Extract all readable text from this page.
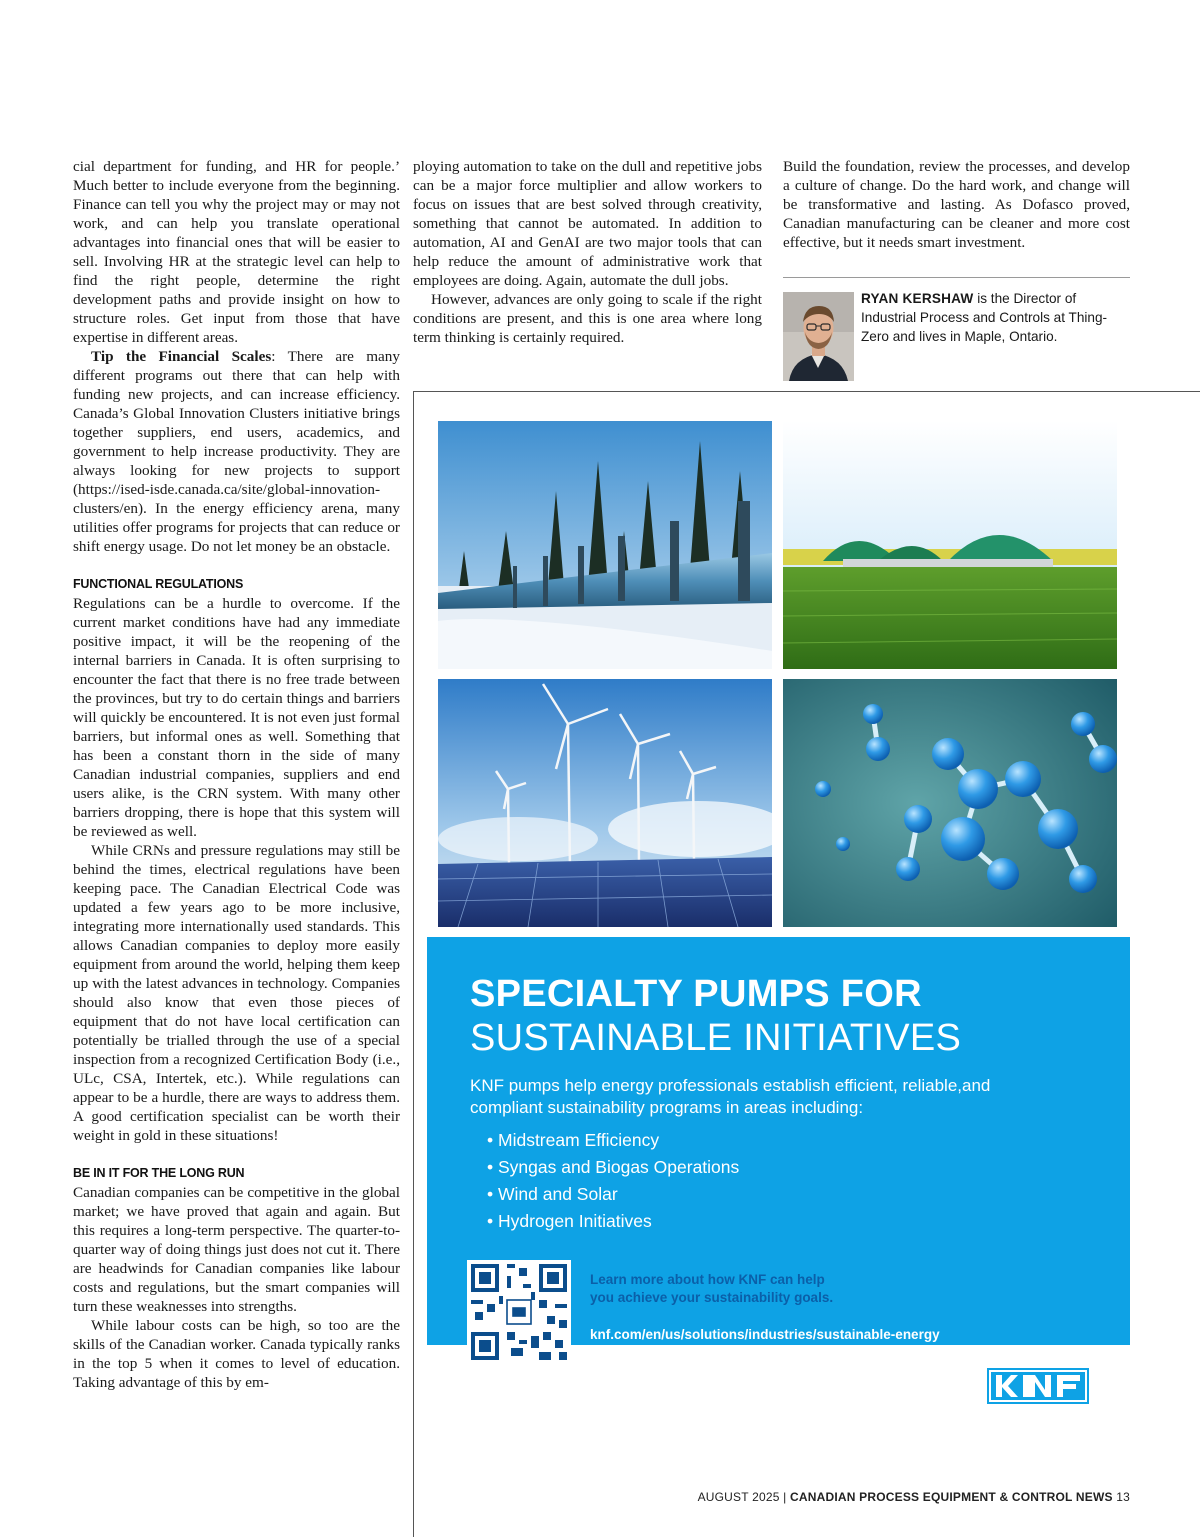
cial department for funding, and HR for people.’ Much better to include everyone from the beginning. Finance can tell you why the project may or may not work, and can help you translate operational advantages into financial ones that will be easier to sell. Involving HR at the strategic level can help to find the right people, determine the right development paths and provide insight on how to structure roles. Get input from those that have expertise in different areas.

Tip the Financial Scales: There are many different programs out there that can help with funding new projects, and can increase efficiency. Canada’s Global Innovation Clusters initiative brings together suppliers, end users, academics, and government to help increase productivity. They are always looking for new projects to support (https://ised-isde.canada.ca/site/global-innovation-clusters/en). In the energy efficiency arena, many utilities offer programs for projects that can reduce or shift energy usage. Do not let money be an obstacle.

FUNCTIONAL REGULATIONS

Regulations can be a hurdle to overcome. If the current market conditions have had any immediate positive impact, it will be the reopening of the internal barriers in Canada. It is often surprising to encounter the fact that there is no free trade between the provinces, but try to do certain things and barriers will quickly be encountered. It is not even just formal barriers, but informal ones as well. Something that has been a constant thorn in the side of many Canadian industrial companies, suppliers and end users alike, is the CRN system. With many other barriers dropping, there is hope that this system will be reviewed as well.

While CRNs and pressure regulations may still be behind the times, electrical regulations have been keeping pace. The Canadian Electrical Code was updated a few years ago to be more inclusive, integrating more internationally used standards. This allows Canadian companies to deploy more easily equipment from around the world, helping them keep up with the latest advances in technology. Companies should also know that even those pieces of equipment that do not have local certification can potentially be trialled through the use of a special inspection from a recognized Certification Body (i.e., ULc, CSA, Intertek, etc.). While regulations can appear to be a hurdle, there are ways to address them. A good certification specialist can be worth their weight in gold in these situations!

BE IN IT FOR THE LONG RUN

Canadian companies can be competitive in the global market; we have proved that again and again. But this requires a long-term perspective. The quarter-to-quarter way of doing things just does not cut it. There are headwinds for Canadian companies like labour costs and regulations, but the smart companies will turn these weaknesses into strengths.

While labour costs can be high, so too are the skills of the Canadian worker. Canada typically ranks in the top 5 when it comes to level of education. Taking advantage of this by em-

ploying automation to take on the dull and repetitive jobs can be a major force multiplier and allow workers to focus on issues that are best solved through creativity, something that cannot be automated. In addition to automation, AI and GenAI are two major tools that can help reduce the amount of administrative work that employees are doing. Again, automate the dull jobs.

However, advances are only going to scale if the right conditions are present, and this is one area where long term thinking is certainly required.

Build the foundation, review the processes, and develop a culture of change. Do the hard work, and change will be transformative and lasting. As Dofasco proved, Canadian manufacturing can be cleaner and more cost effective, but it needs smart investment.

RYAN KERSHAW is the Director of Industrial Process and Controls at Thing-Zero and lives in Maple, Ontario.
SPECIALTY PUMPS FOR
SUSTAINABLE INITIATIVES
KNF pumps help energy professionals establish efficient, reliable,and compliant sustainability programs in areas including:
• Midstream Efficiency
• Syngas and Biogas Operations
• Wind and Solar
• Hydrogen Initiatives
Learn more about how KNF can help you achieve your sustainability goals.
knf.com/en/us/solutions/industries/sustainable-energy
AUGUST 2025 | CANADIAN PROCESS EQUIPMENT & CONTROL NEWS 13
